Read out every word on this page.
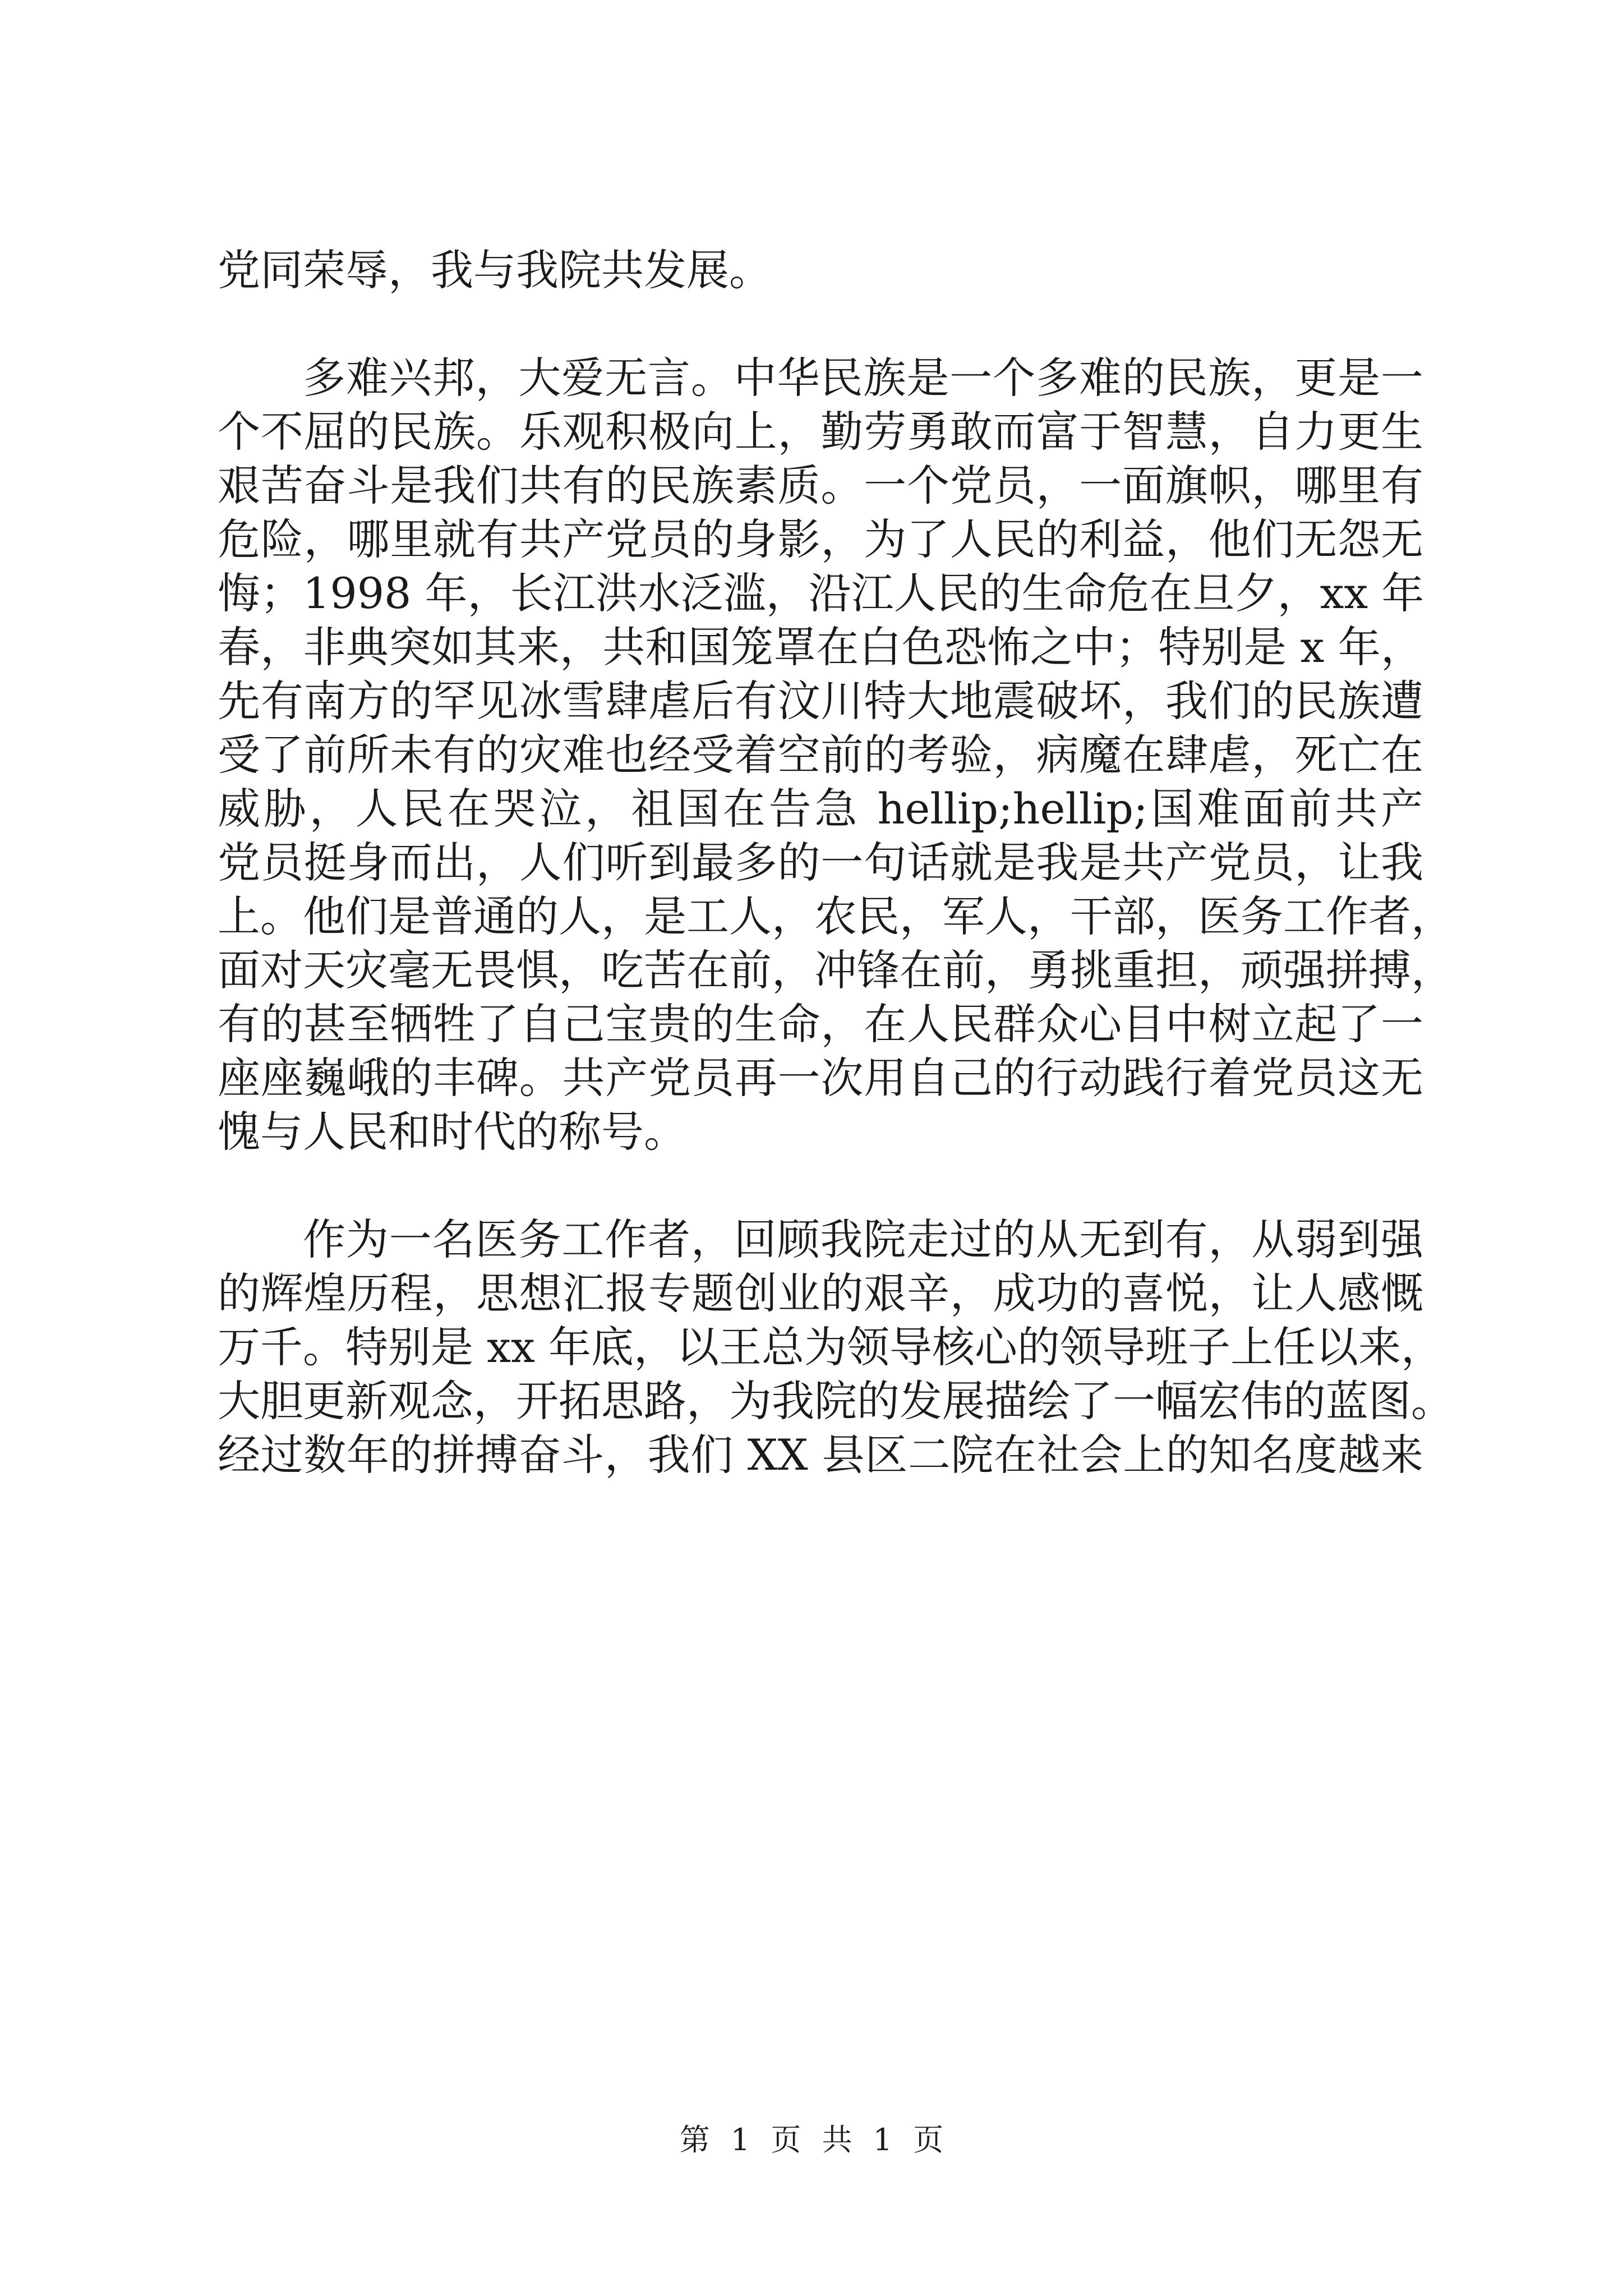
党同荣辱，我与我院共发展。
多难兴邦，大爱无言。中华民族是一个多难的民族，更是一
个不屈的民族。乐观积极向上，勤劳勇敢而富于智慧，自力更生
艰苦奋斗是我们共有的民族素质。一个党员，一面旗帜，哪里有
危险，哪里就有共产党员的身影，为了人民的利益，他们无怨无
悔；1998 年，长江洪水泛滥，沿江人民的生命危在旦夕，xx 年
春，非典突如其来，共和国笼罩在白色恐怖之中；特别是 x 年，
先有南方的罕见冰雪肆虐后有汶川特大地震破坏，我们的民族遭
受了前所未有的灾难也经受着空前的考验，病魔在肆虐，死亡在
威胁，人民在哭泣，祖国在告急 hellip;hellip;国难面前共产
党员挺身而出，人们听到最多的一句话就是我是共产党员，让我
上。他们是普通的人，是工人，农民，军人，干部，医务工作者，
面对天灾毫无畏惧，吃苦在前，冲锋在前，勇挑重担，顽强拼搏，
有的甚至牺牲了自己宝贵的生命，在人民群众心目中树立起了一
座座巍峨的丰碑。共产党员再一次用自己的行动践行着党员这无
愧与人民和时代的称号。
作为一名医务工作者，回顾我院走过的从无到有，从弱到强
的辉煌历程，思想汇报专题创业的艰辛，成功的喜悦，让人感慨
万千。特别是 xx 年底，以王总为领导核心的领导班子上任以来，
大胆更新观念，开拓思路，为我院的发展描绘了一幅宏伟的蓝图。
经过数年的拼搏奋斗，我们 XX 县区二院在社会上的知名度越来
第 1 页 共 1 页
